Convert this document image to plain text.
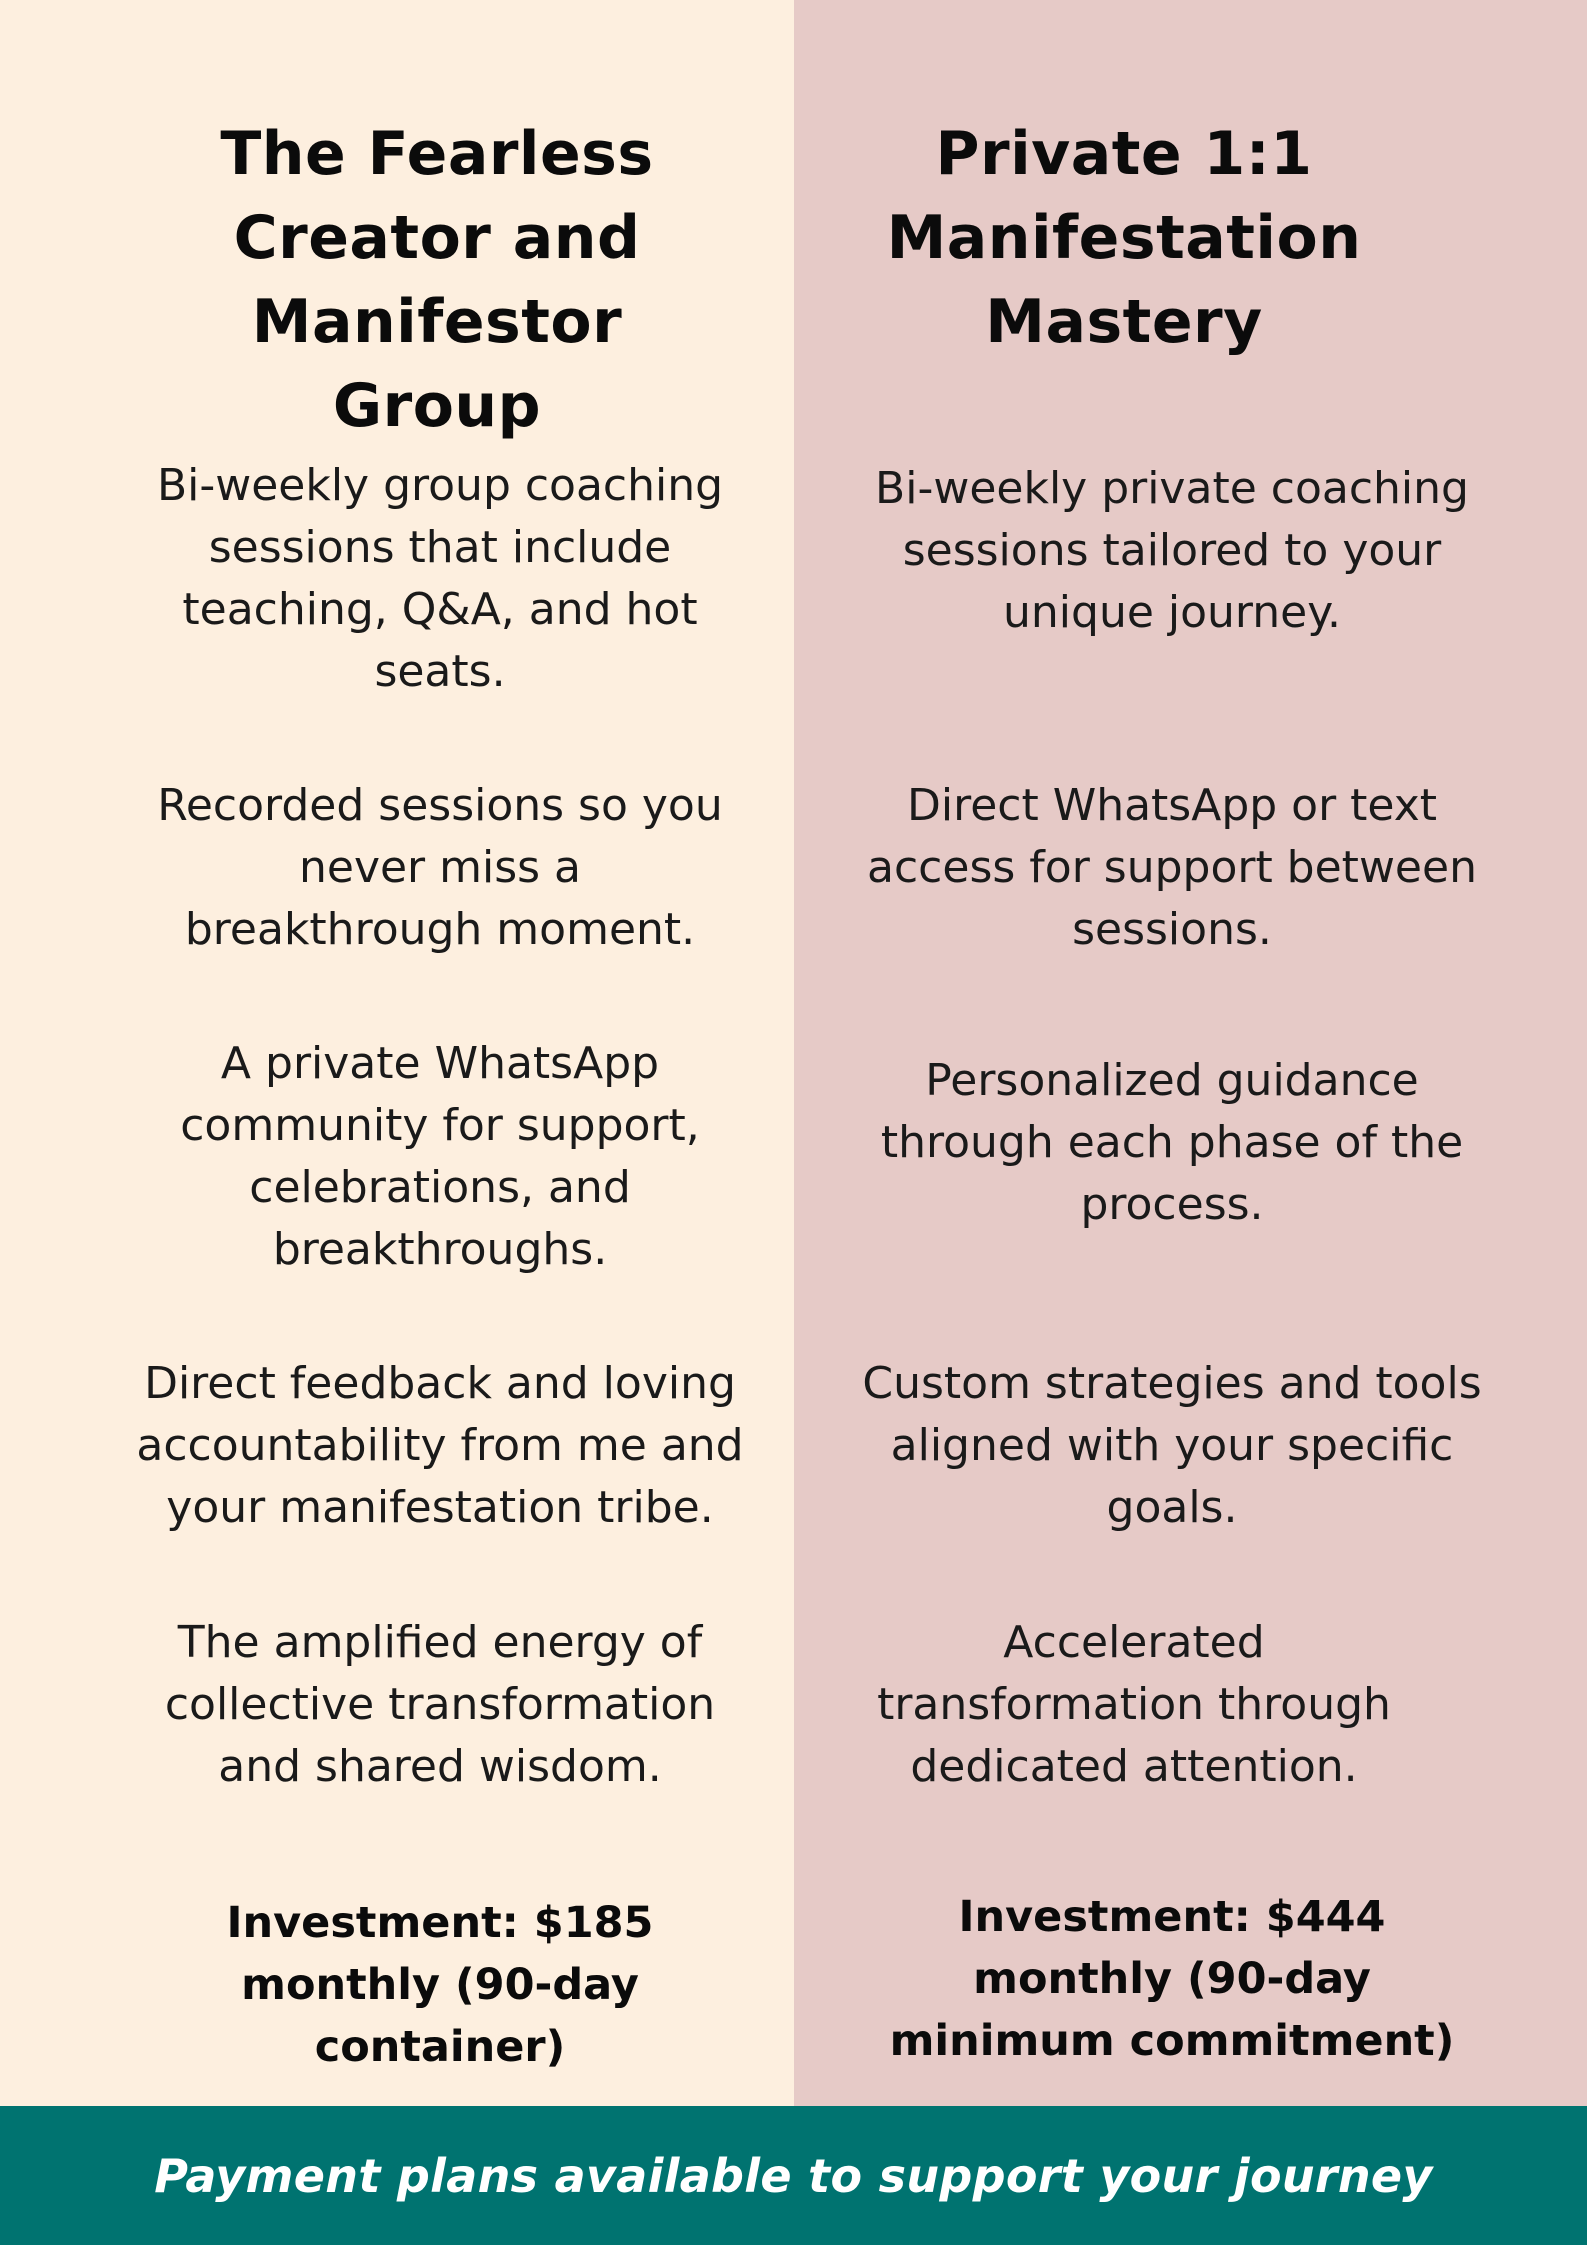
The Fearless Creator and Manifestor Group

Bi-weekly group coaching sessions that include teaching, Q&A, and hot seats.

Recorded sessions so you never miss a breakthrough moment.

A private WhatsApp community for support, celebrations, and breakthroughs.

Direct feedback and loving accountability from me and your manifestation tribe.

The amplified energy of collective transformation and shared wisdom.

Investment: $185 monthly (90-day container)

Private 1:1 Manifestation Mastery

Bi-weekly private coaching sessions tailored to your unique journey.

Direct WhatsApp or text access for support between sessions.

Personalized guidance through each phase of the process.

Custom strategies and tools aligned with your specific goals.

Accelerated transformation through dedicated attention.

Investment: $444 monthly (90-day minimum commitment)

Payment plans available to support your journey
